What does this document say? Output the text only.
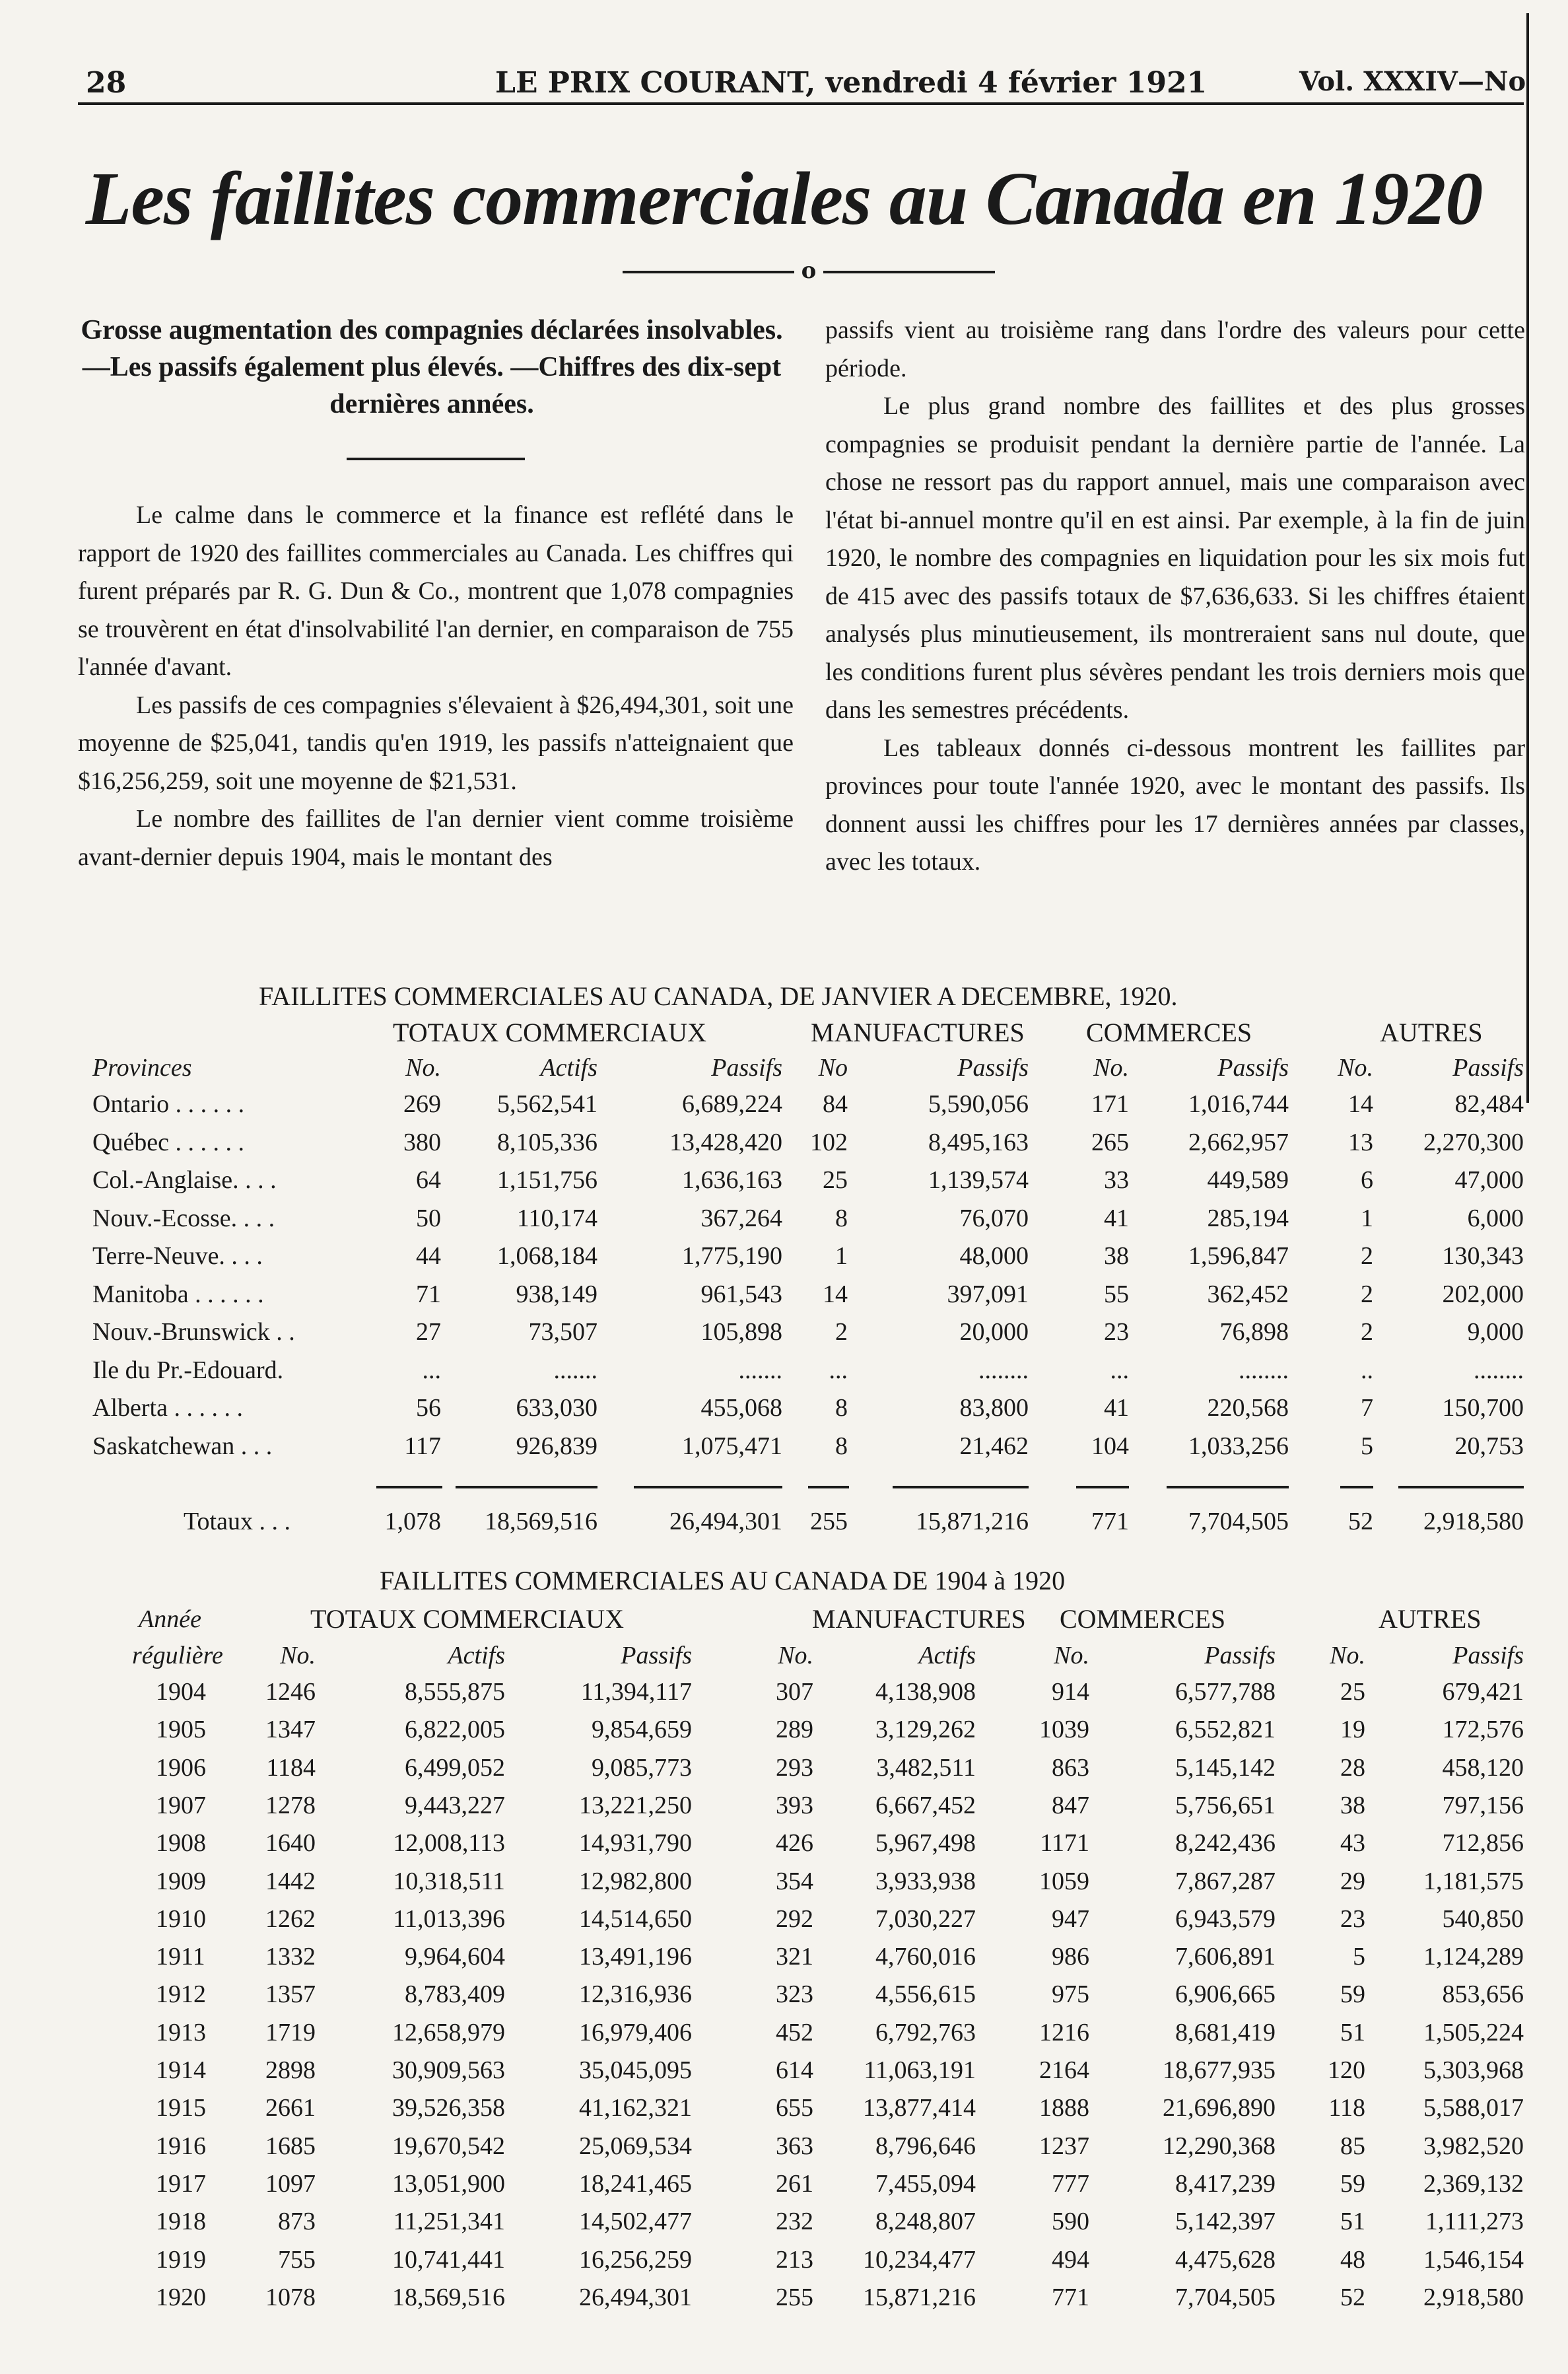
28	LE PRIX COURANT, vendredi 4 février 1921	Vol. XXXIV—No
Les faillites commerciales au Canada en 1920
o
Grosse augmentation des compagnies déclarées insolvables.—Les passifs également plus élevés. —Chiffres des dix-sept dernières années.

Le calme dans le commerce et la finance est reflété dans le rapport de 1920 des faillites commerciales au Canada. Les chiffres qui furent préparés par R. G. Dun & Co., montrent que 1,078 compagnies se trouvèrent en état d'insolvabilité l'an dernier, en comparaison de 755 l'année d'avant.

Les passifs de ces compagnies s'élevaient à $26,494,301, soit une moyenne de $25,041, tandis qu'en 1919, les passifs n'atteignaient que $16,256,259, soit une moyenne de $21,531.

Le nombre des faillites de l'an dernier vient comme troisième avant-dernier depuis 1904, mais le montant des

passifs vient au troisième rang dans l'ordre des valeurs pour cette période.

Le plus grand nombre des faillites et des plus grosses compagnies se produisit pendant la dernière partie de l'année. La chose ne ressort pas du rapport annuel, mais une comparaison avec l'état bi-annuel montre qu'il en est ainsi. Par exemple, à la fin de juin 1920, le nombre des compagnies en liquidation pour les six mois fut de 415 avec des passifs totaux de $7,636,633. Si les chiffres étaient analysés plus minutieusement, ils montreraient sans nul doute, que les conditions furent plus sévères pendant les trois derniers mois que dans les semestres précédents.

Les tableaux donnés ci-dessous montrent les faillites par provinces pour toute l'année 1920, avec le montant des passifs. Ils donnent aussi les chiffres pour les 17 dernières années par classes, avec les totaux.

FAILLITES COMMERCIALES AU CANADA, DE JANVIER A DECEMBRE, 1920.
TOTAUX COMMERCIAUX	MANUFACTURES COMMERCES	AUTRES
Provinces	No.	Actifs	Passifs No	Passifs	No.	Passifs No.	Passifs
Ontario . . . . . .	269 5,562,541	6,689,224 84	5,590,056	171 1,016,744 14	82,484
Québec . . . . . .	380 8,105,336	13,428,420 102	8,495,163	265 2,662,957 13 2,270,300
Col.-Anglaise. . . .	64 1,151,756	1,636,163 25	1,139,574	33	449,589	6	47,000
Nouv.-Ecosse. . . .	50	110,174	367,264 8	76,070	41	285,194	1	6,000
Terre-Neuve. . . .	44 1,068,184	1,775,190 1	48,000	38 1,596,847	2	130,343
Manitoba . . . . . .	71	938,149	961,543 14	397,091	55	362,452	2	202,000
Nouv.-Brunswick . .	27	73,507	105,898 2	20,000	23	76,898	2	9,000
Ile du Pr.-Edouard.	...	.......	....... ...	........	...	........	..	........
Alberta . . . . . .	56	633,030	455,068 8	83,800	41	220,568	7	150,700
Saskatchewan . . .	117	926,839	1,075,471 8	21,462	104 1,033,256	5	20,753
Totaux . . .	1,078 18,569,516	26,494,301 255	15,871,216	771 7,704,505 52 2,918,580
FAILLITES COMMERCIALES AU CANADA DE 1904 à 1920
TOTAUX COMMERCIAUX	MANUFACTURES COMMERCES	AUTRES
Année
régulière No.	Actifs	Passifs	No.	Actifs	No.	Passifs No.	Passifs
1904 1246	8,555,875	11,394,117	307 4,138,908	914	6,577,788	25	679,421
1905 1347	6,822,005	9,854,659	289 3,129,262	1039	6,552,821	19	172,576
1906 1184	6,499,052	9,085,773	293	3,482,511	863	5,145,142	28	458,120
1907 1278	9,443,227	13,221,250	393 6,667,452	847	5,756,651	38	797,156
1908 1640	12,008,113	14,931,790	426 5,967,498	1171	8,242,436	43	712,856
1909 1442	10,318,511	12,982,800	354 3,933,938	1059	7,867,287	29 1,181,575
1910 1262	11,013,396	14,514,650	292 7,030,227	947	6,943,579	23	540,850
1911 1332	9,964,604	13,491,196	321 4,760,016	986	7,606,891	5 1,124,289
1912 1357	8,783,409	12,316,936	323 4,556,615	975	6,906,665	59	853,656
1913 1719	12,658,979	16,979,406	452 6,792,763	1216	8,681,419	51 1,505,224
1914 2898	30,909,563	35,045,095	614 11,063,191	2164	18,677,935 120 5,303,968
1915 2661	39,526,358	41,162,321	655 13,877,414	1888	21,696,890 118 5,588,017
1916 1685	19,670,542	25,069,534	363 8,796,646	1237	12,290,368	85 3,982,520
1917 1097	13,051,900	18,241,465	261 7,455,094	777	8,417,239	59 2,369,132
1918	873	11,251,341	14,502,477	232 8,248,807	590	5,142,397	51 1,111,273
1919	755	10,741,441	16,256,259	213 10,234,477	494	4,475,628	48 1,546,154
1920 1078	18,569,516	26,494,301	255 15,871,216	771	7,704,505	52 2,918,580
